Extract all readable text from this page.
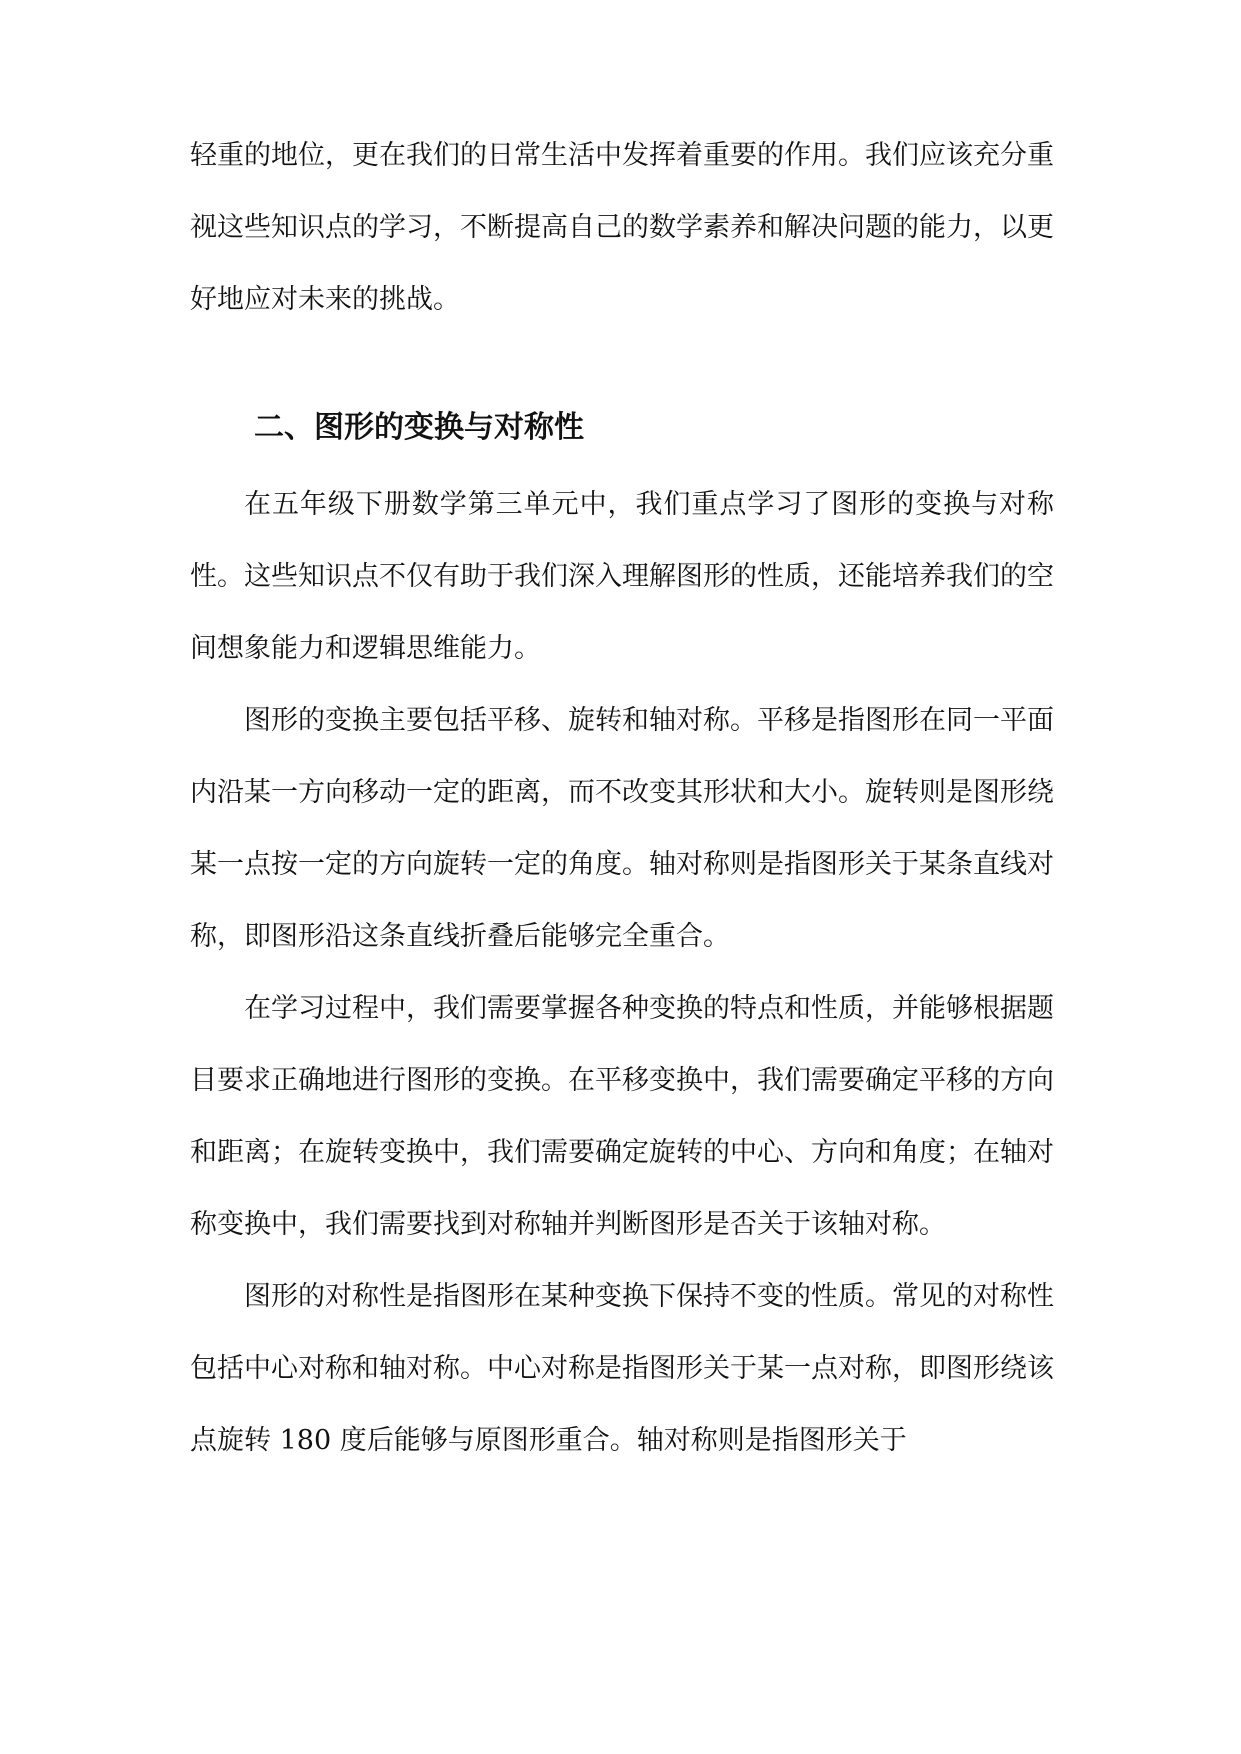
轻重的地位，更在我们的日常生活中发挥着重要的作用。我们应该充分重视这些知识点的学习，不断提高自己的数学素养和解决问题的能力，以更好地应对未来的挑战。

二、图形的变换与对称性

在五年级下册数学第三单元中，我们重点学习了图形的变换与对称性。这些知识点不仅有助于我们深入理解图形的性质，还能培养我们的空间想象能力和逻辑思维能力。

图形的变换主要包括平移、旋转和轴对称。平移是指图形在同一平面内沿某一方向移动一定的距离，而不改变其形状和大小。旋转则是图形绕某一点按一定的方向旋转一定的角度。轴对称则是指图形关于某条直线对称，即图形沿这条直线折叠后能够完全重合。

在学习过程中，我们需要掌握各种变换的特点和性质，并能够根据题目要求正确地进行图形的变换。在平移变换中，我们需要确定平移的方向和距离；在旋转变换中，我们需要确定旋转的中心、方向和角度；在轴对称变换中，我们需要找到对称轴并判断图形是否关于该轴对称。

图形的对称性是指图形在某种变换下保持不变的性质。常见的对称性包括中心对称和轴对称。中心对称是指图形关于某一点对称，即图形绕该点旋转 180 度后能够与原图形重合。轴对称则是指图形关于
